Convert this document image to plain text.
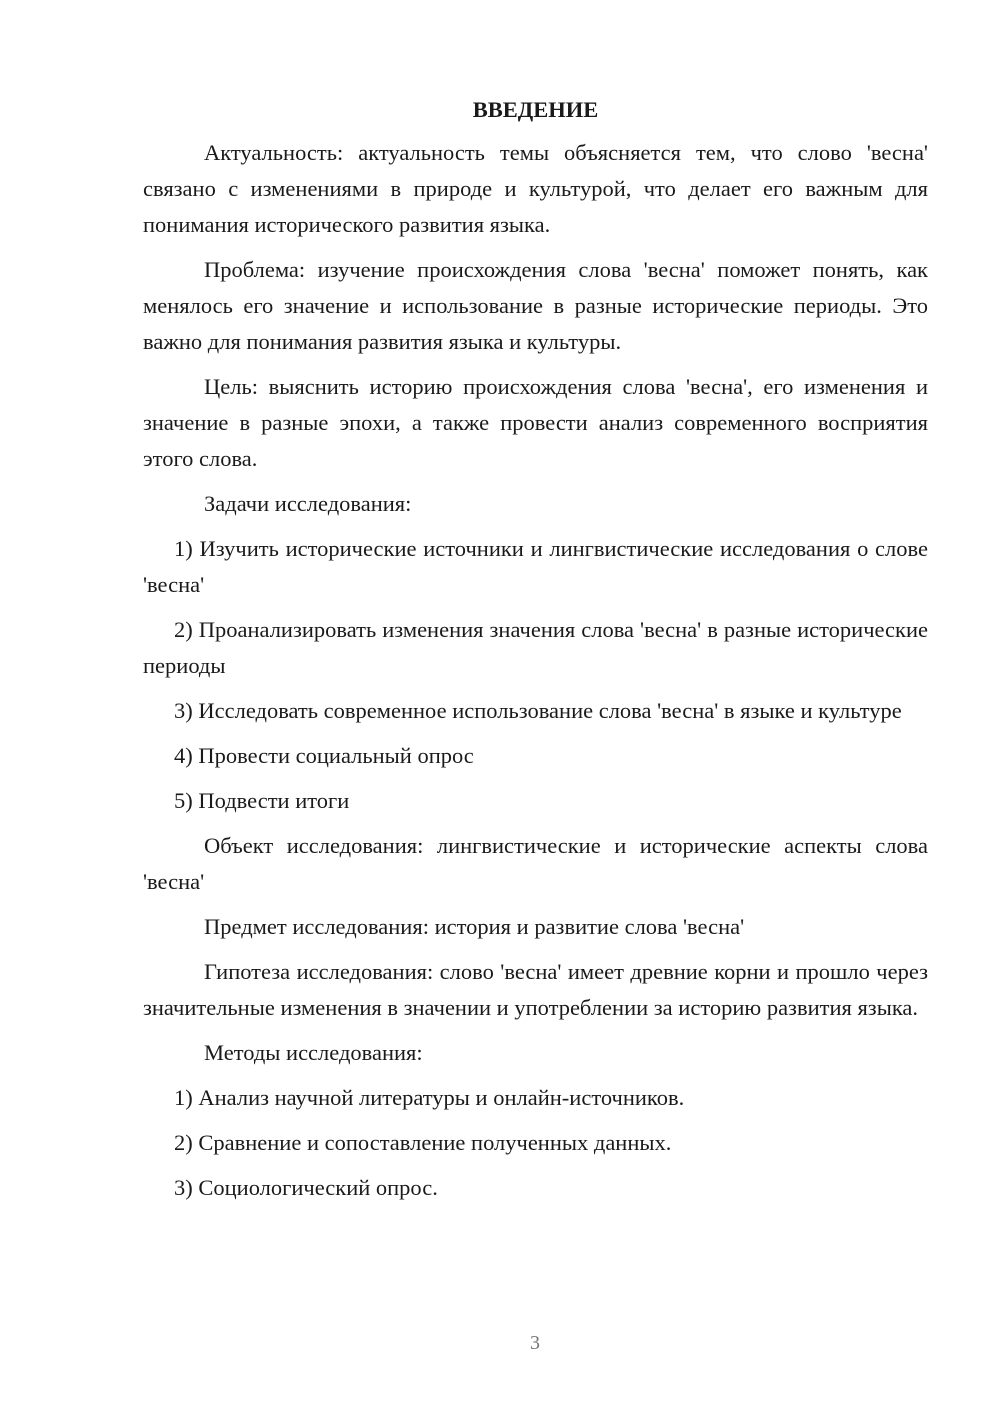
ВВЕДЕНИЕ

Актуальность: актуальность темы объясняется тем, что слово 'весна' связано с изменениями в природе и культурой, что делает его важным для понимания исторического развития языка.

Проблема: изучение происхождения слова 'весна' поможет понять, как менялось его значение и использование в разные исторические периоды. Это важно для понимания развития языка и культуры.

Цель: выяснить историю происхождения слова 'весна', его изменения и значение в разные эпохи, а также провести анализ современного восприятия этого слова.

Задачи исследования:

1) Изучить исторические источники и лингвистические исследования о слове 'весна'

2) Проанализировать изменения значения слова 'весна' в разные исторические периоды

3) Исследовать современное использование слова 'весна' в языке и культуре

4) Провести социальный опрос

5) Подвести итоги

Объект исследования: лингвистические и исторические аспекты слова 'весна'

Предмет исследования: история и развитие слова 'весна'

Гипотеза исследования: слово 'весна' имеет древние корни и прошло через значительные изменения в значении и употреблении за историю развития языка.

Методы исследования:

1) Анализ научной литературы и онлайн-источников.

2) Сравнение и сопоставление полученных данных.

3) Социологический опрос.

3
